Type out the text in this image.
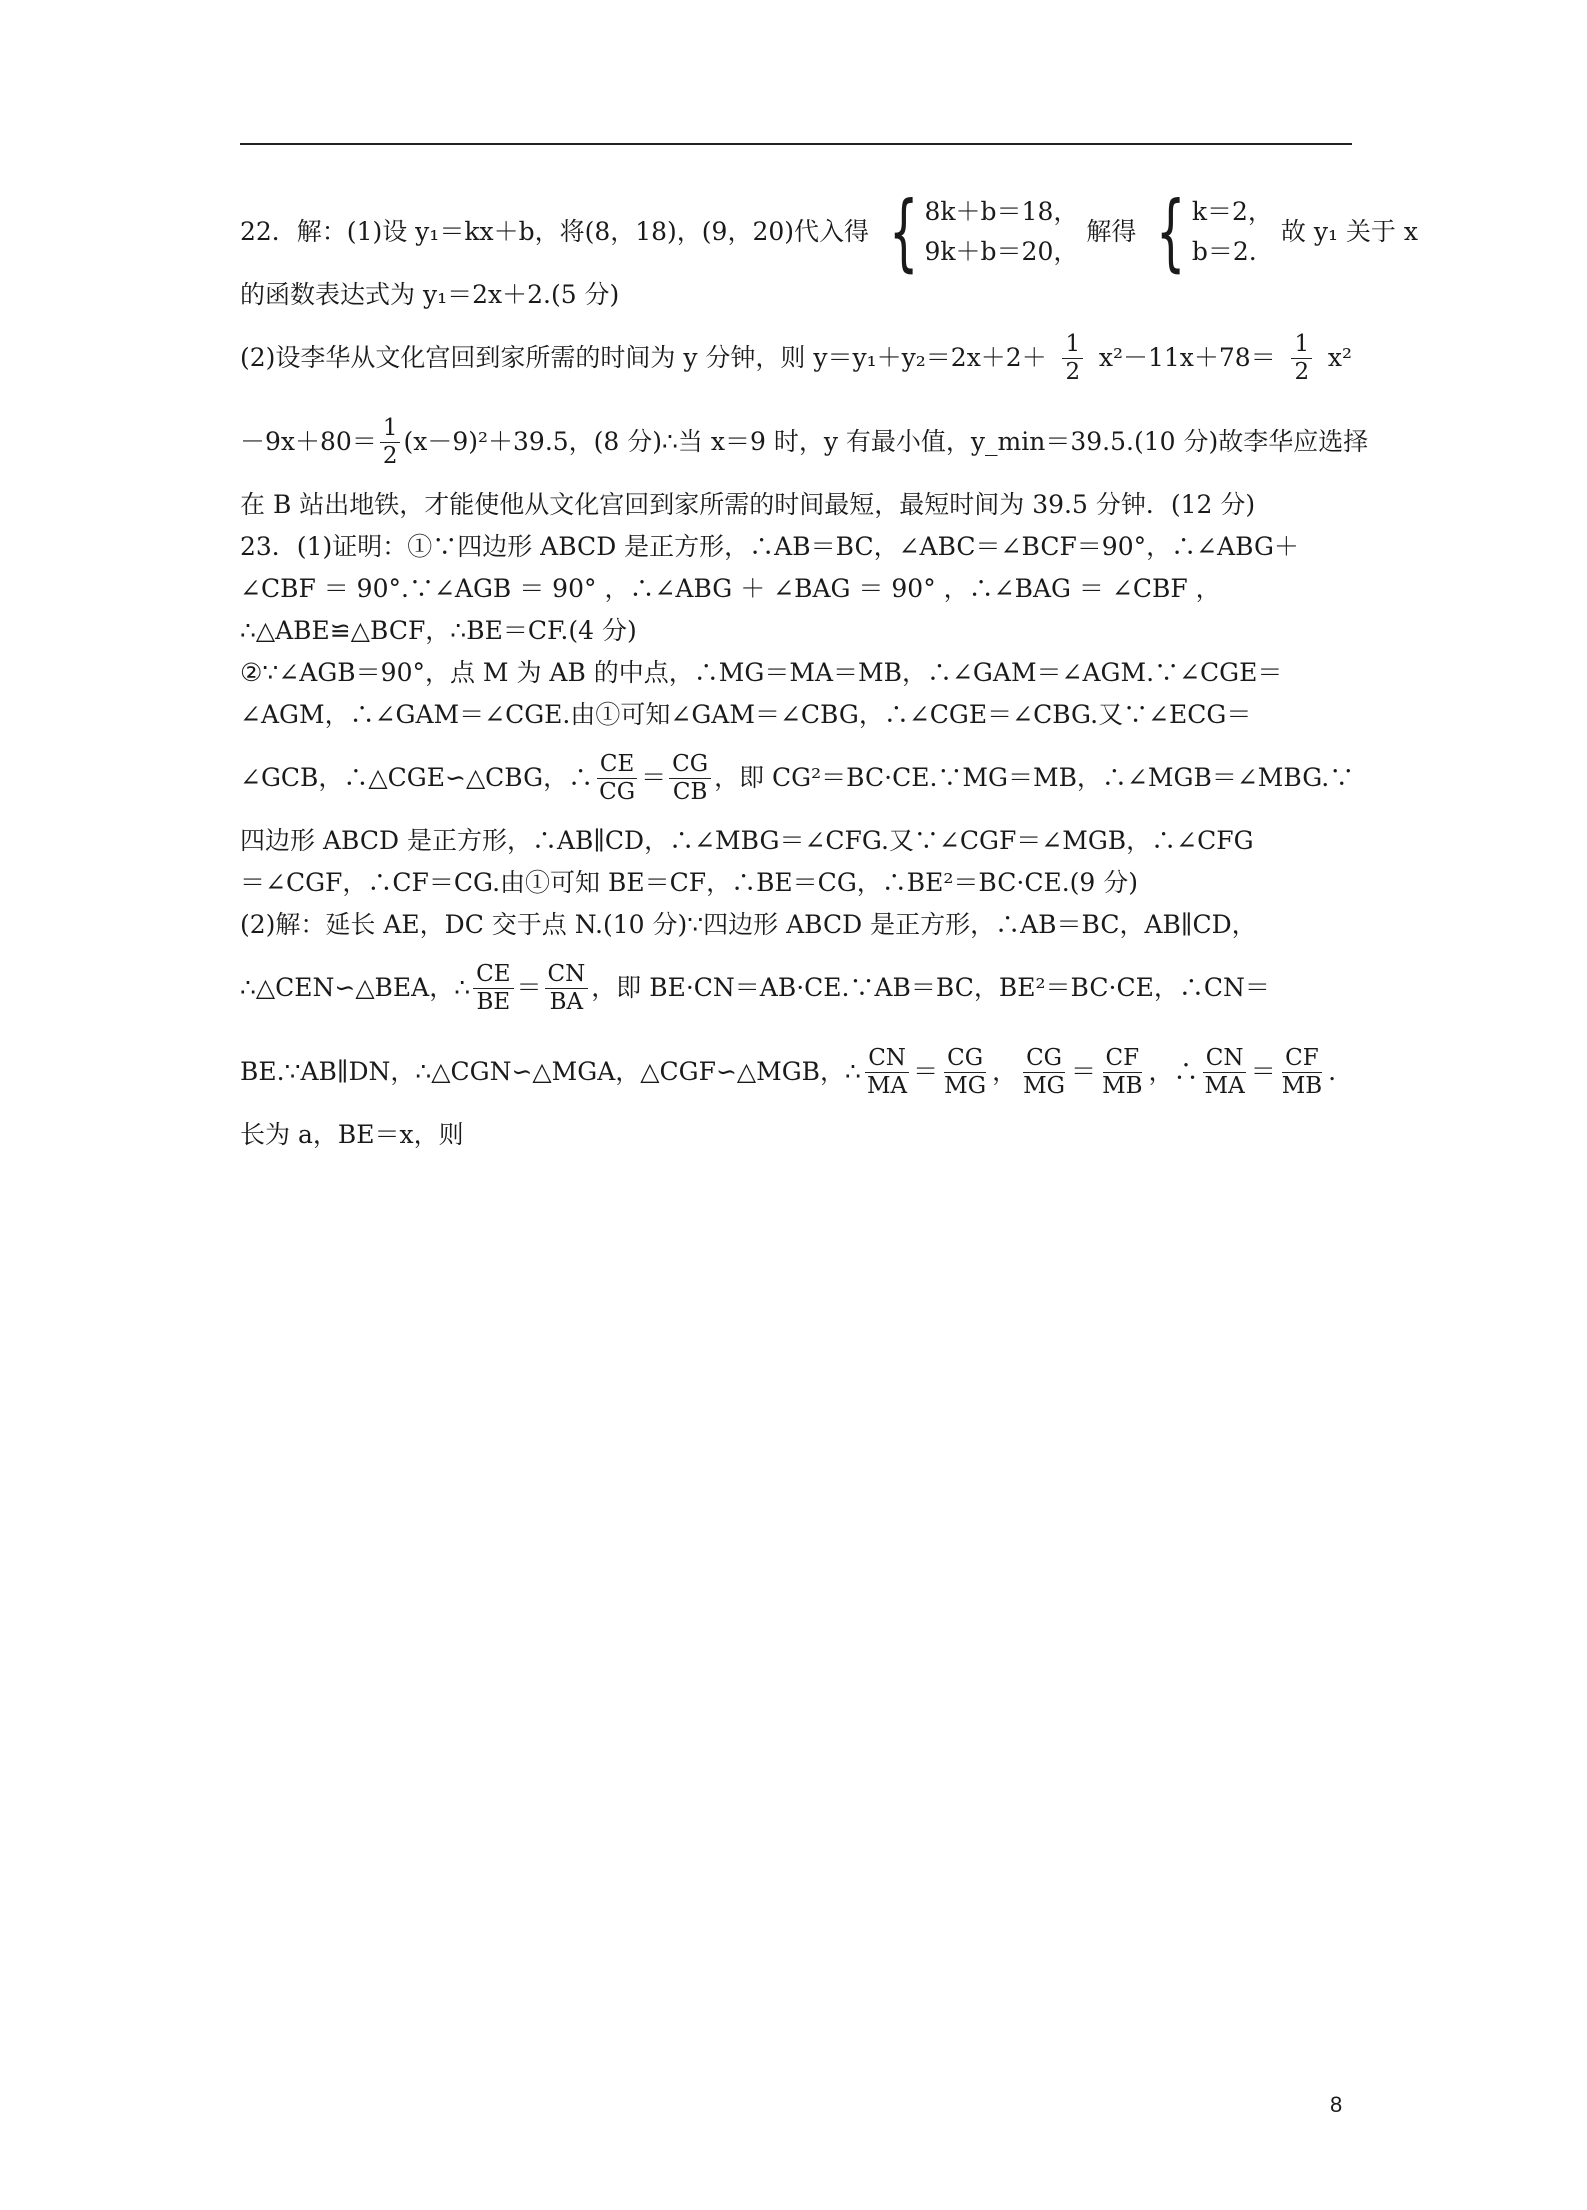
22．解：(1)设 y₁＝kx＋b，将(8，18)，(9，20)代入得 { 8k＋b＝18，
9k＋b＝20，
解得 { k＝2，
b＝2.
故 y₁ 关于 x
的函数表达式为 y₁＝2x＋2.(5 分)
(2)设李华从文化宫回到家所需的时间为 y 分钟，则 $y=y_1+y_2=2x+2+ \frac{1}{2} x^2-11x+78= \frac{1}{2} x^2$
$-9x+80= \frac{1}{2} (x-9)^2+39.5$，(8 分)∴当 x＝9 时，y 有最小值，y_min＝39.5.(10 分)故李华应选择
在 B 站出地铁，才能使他从文化宫回到家所需的时间最短，最短时间为 39.5 分钟．(12 分)
23．(1)证明：①∵四边形 ABCD 是正方形，∴AB＝BC，∠ABC＝∠BCF＝90°，∴∠ABG＋
∠CBF ＝ 90°.∵∠AGB ＝ 90° ，∴∠ABG ＋ ∠BAG ＝ 90° ，∴∠BAG ＝ ∠CBF ，
∴△ABE≌△BCF，∴BE＝CF.(4 分)
②∵∠AGB＝90°，点 M 为 AB 的中点，∴MG＝MA＝MB，∴∠GAM＝∠AGM.∵∠CGE＝
∠AGM，∴∠GAM＝∠CGE.由①可知∠GAM＝∠CBG，∴∠CGE＝∠CBG.又∵∠ECG＝
∠GCB，∴△CGE∽△CBG，∴ $\frac{CE}{CG} = \frac{CG}{CB}$ ，即 CG²＝BC·CE.∵MG＝MB，∴∠MGB＝∠MBG.∵
四边形 ABCD 是正方形，∴AB∥CD，∴∠MBG＝∠CFG.又∵∠CGF＝∠MGB，∴∠CFG
＝∠CGF，∴CF＝CG.由①可知 BE＝CF，∴BE＝CG，∴BE²＝BC·CE.(9 分)
(2)解：延长 AE，DC 交于点 N.(10 分)∵四边形 ABCD 是正方形，∴AB＝BC，AB∥CD，
∴△CEN∽△BEA，∴ $\frac{CE}{BE} = \frac{CN}{BA}$ ，即 BE·CN＝AB·CE.∵AB＝BC，BE²＝BC·CE，∴CN＝
BE.∵AB∥DN，∴△CGN∽△MGA，△CGF∽△MGB，∴ $\frac{CN}{MA} = \frac{CG}{MG}$ ， $\frac{CG}{MG} = \frac{CF}{MB}$ ，∴ $\frac{CN}{MA} = \frac{CF}{MB}$ .
长为 a，BE＝x，则
8
